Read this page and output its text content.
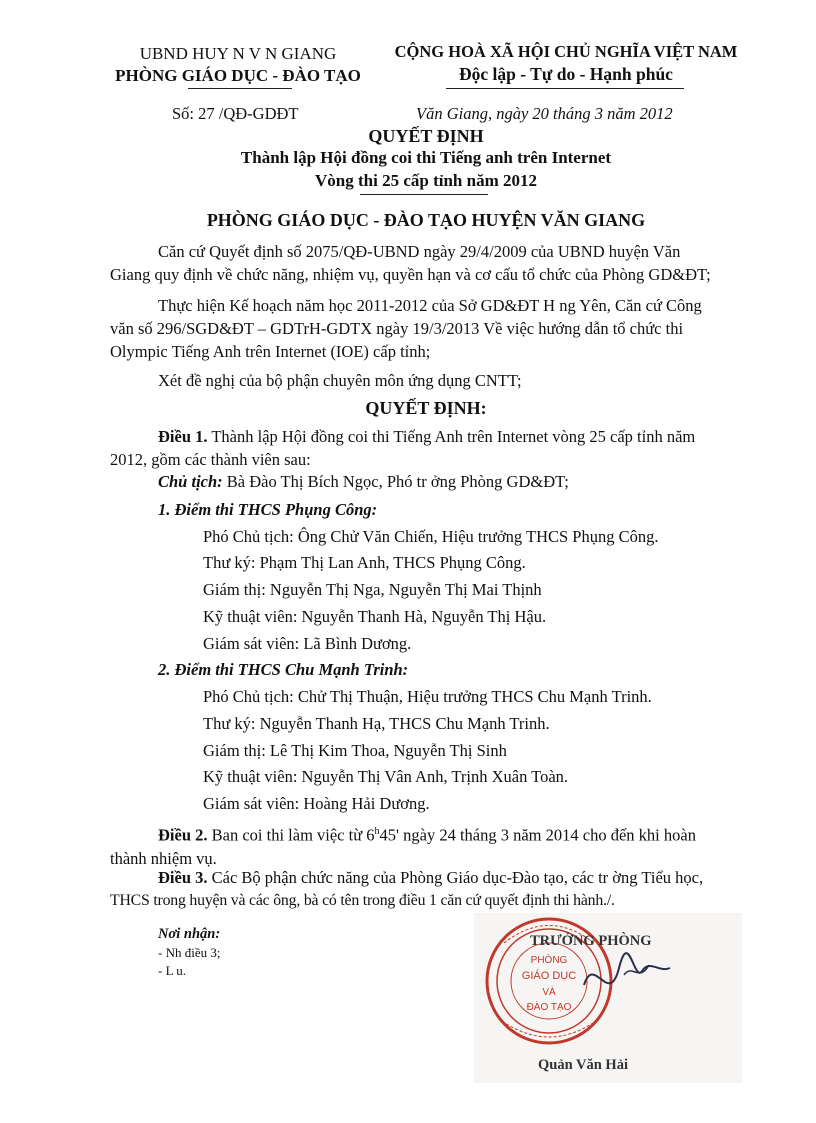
UBND HUY N V N GIANG
PHÒNG GIÁO DỤC - ĐÀO TẠO
Số: 27 /QĐ-GDĐT
CỘNG HOÀ XÃ HỘI CHỦ NGHĨA VIỆT NAM
Độc lập - Tự do - Hạnh phúc
Văn Giang, ngày 20 tháng 3 năm 2012
QUYẾT ĐỊNH
Thành lập Hội đồng coi thi Tiếng anh trên Internet
Vòng thi 25 cấp tỉnh năm 2012
PHÒNG GIÁO DỤC - ĐÀO TẠO HUYỆN VĂN GIANG
Căn cứ Quyết định số 2075/QĐ-UBND ngày 29/4/2009 của UBND huyện Văn
Giang quy định về chức năng, nhiệm vụ, quyền hạn và cơ cấu tổ chức của Phòng GD&ĐT;
Thực hiện Kế hoạch năm học 2011-2012 của Sở GD&ĐT H ng Yên, Căn cứ Công
văn số 296/SGD&ĐT – GDTrH-GDTX ngày 19/3/2013 Về việc hướng dẫn tổ chức thi
Olympic Tiếng Anh trên Internet (IOE) cấp tỉnh;
Xét đề nghị của bộ phận chuyên môn ứng dụng CNTT;
QUYẾT ĐỊNH:
Điều 1. Thành lập Hội đồng coi thi Tiếng Anh trên Internet vòng 25 cấp tỉnh năm
2012, gồm các thành viên sau:
Chủ tịch: Bà Đào Thị Bích Ngọc, Phó tr ởng Phòng GD&ĐT;
1. Điểm thi THCS Phụng Công:
Phó Chủ tịch: Ông Chử Văn Chiến, Hiệu trưởng THCS Phụng Công.
Thư ký: Phạm Thị Lan Anh, THCS Phụng Công.
Giám thị: Nguyễn Thị Nga, Nguyễn Thị Mai Thịnh
Kỹ thuật viên: Nguyễn Thanh Hà, Nguyễn Thị Hậu.
Giám sát viên: Lã Bình Dương.
2. Điểm thi THCS Chu Mạnh Trinh:
Phó Chủ tịch: Chử Thị Thuận, Hiệu trưởng THCS Chu Mạnh Trinh.
Thư ký: Nguyễn Thanh Hạ, THCS Chu Mạnh Trinh.
Giám thị: Lê Thị Kim Thoa, Nguyễn Thị Sinh
Kỹ thuật viên: Nguyễn Thị Vân Anh, Trịnh Xuân Toàn.
Giám sát viên: Hoàng Hải Dương.
Điều 2. Ban coi thi làm việc từ 6$^h$45' ngày 24 tháng 3 năm 2014 cho đến khi hoàn
thành nhiệm vụ.
Điều 3. Các Bộ phận chức năng của Phòng Giáo dục-Đào tạo, các tr ờng Tiểu học,
THCS trong huyện và các ông, bà có tên trong điều 1 căn cứ quyết định thi hành./.
Nơi nhận:
- Nh điều 3;
- L u.
PHÒNG
GIÁO DỤC
VÀ
ĐÀO TẠO
TRƯỞNG PHÒNG
Quản Văn Hải
